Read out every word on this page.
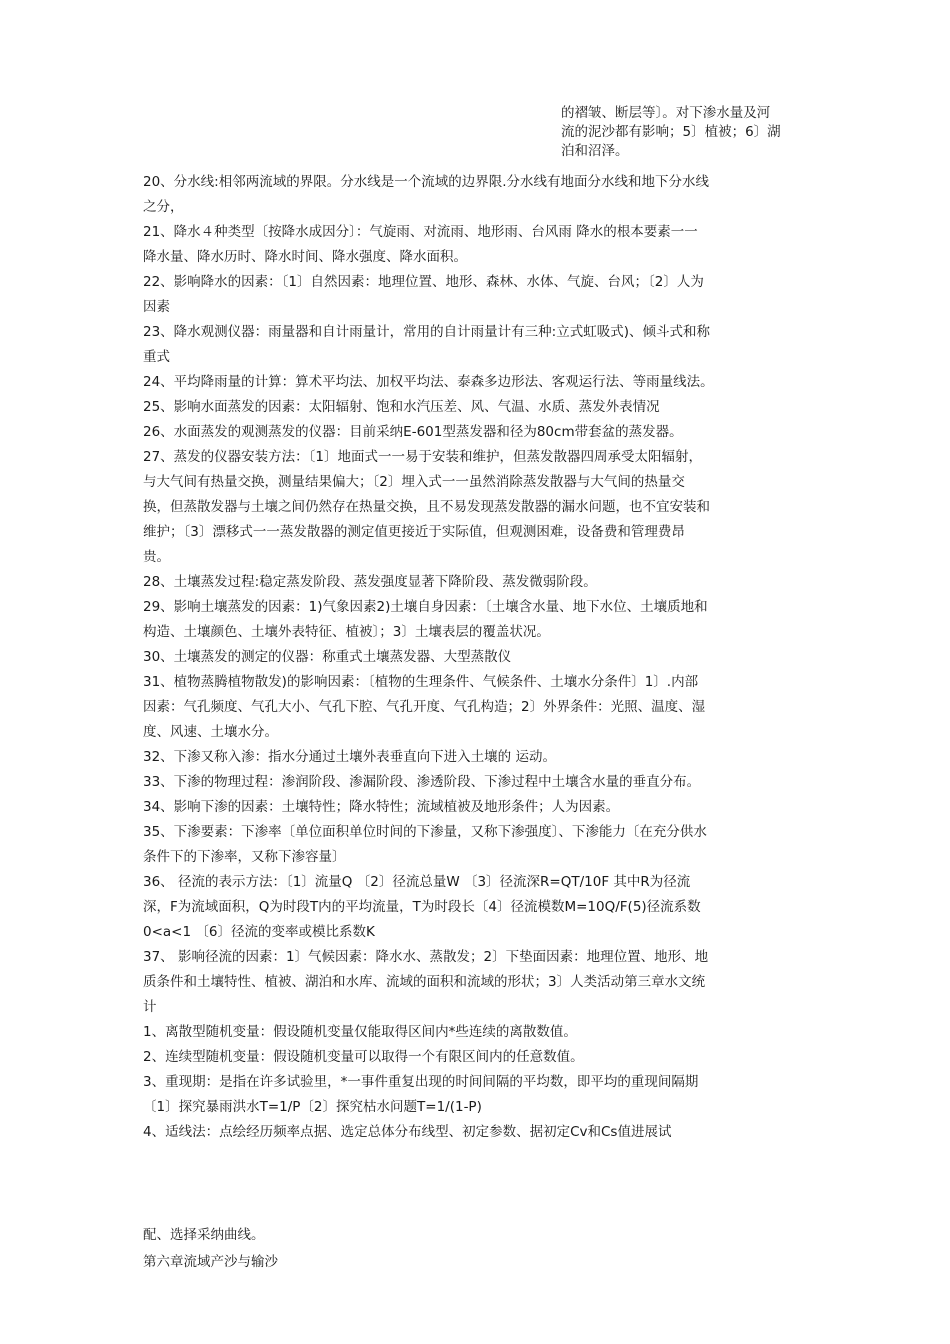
的褶皱、断层等〕。对下渗水量及河

流的泥沙都有影响；5〕植被；6〕湖

泊和沼泽。

20、分水线:相邻两流域的界限。分水线是一个流域的边界限.分水线有地面分水线和地下分水线

之分，

21、降水４种类型〔按降水成因分〕：气旋雨、对流雨、地形雨、台风雨 降水的根本要素一一

降水量、降水历时、降水时间、降水强度、降水面积。

22、影响降水的因素：〔1〕自然因素：地理位置、地形、森林、水体、气旋、台风；〔2〕人为

因素

23、降水观测仪器：雨量器和自计雨量计，常用的自计雨量计有三种:立式虹吸式)、倾斗式和称

重式

24、平均降雨量的计算：算术平均法、加权平均法、泰森多边形法、客观运行法、等雨量线法。

25、影响水面蒸发的因素：太阳辐射、饱和水汽压差、风、气温、水质、蒸发外表情况

26、水面蒸发的观测蒸发的仪器：目前采纳E-601型蒸发器和径为80cm带套盆的蒸发器。

27、蒸发的仪器安装方法：〔1〕地面式一一易于安装和维护，但蒸发散器四周承受太阳辐射，

与大气间有热量交换，测量结果偏大；〔2〕埋入式一一虽然消除蒸发散器与大气间的热量交

换，但蒸散发器与土壤之间仍然存在热量交换，且不易发现蒸发散器的漏水问题，也不宜安装和

维护；〔3〕漂移式一一蒸发散器的测定值更接近于实际值，但观测困难，设备费和管理费昂

贵。

28、土壤蒸发过程:稳定蒸发阶段、蒸发强度显著下降阶段、蒸发微弱阶段。

29、影响土壤蒸发的因素：1)气象因素2)土壤自身因素：〔土壤含水量、地下水位、土壤质地和

构造、土壤颜色、土壤外表特征、植被〕；3〕土壤表层的覆盖状况。

30、土壤蒸发的测定的仪器：称重式土壤蒸发器、大型蒸散仪

31、植物蒸腾植物散发)的影响因素：〔植物的生理条件、气候条件、土壤水分条件〕1〕.内部

因素：气孔频度、气孔大小、气孔下腔、气孔开度、气孔构造；2〕外界条件：光照、温度、湿

度、风速、土壤水分。

32、下渗又称入渗：指水分通过土壤外表垂直向下进入土壤的 运动。

33、下渗的物理过程：渗润阶段、渗漏阶段、渗透阶段、下渗过程中土壤含水量的垂直分布。

34、影响下渗的因素：土壤特性；降水特性；流域植被及地形条件；人为因素。

35、下渗要素：下渗率〔单位面积单位时间的下渗量，又称下渗强度〕、下渗能力〔在充分供水

条件下的下渗率，又称下渗容量〕

36、 径流的表示方法：〔1〕流量Q 〔2〕径流总量W 〔3〕径流深R=QT/10F 其中R为径流

深，F为流域面积，Q为时段T内的平均流量，T为时段长〔4〕径流模数M=10Q/F(5)径流系数

0<a<1 〔6〕径流的变率或模比系数K

37、 影响径流的因素：1〕气候因素：降水水、蒸散发；2〕下垫面因素：地理位置、地形、地

质条件和土壤特性、植被、湖泊和水库、流域的面积和流域的形状；3〕人类活动第三章水文统

计

1、离散型随机变量：假设随机变量仅能取得区间内*些连续的离散数值。

2、连续型随机变量：假设随机变量可以取得一个有限区间内的任意数值。

3、重现期：是指在许多试验里，*一事件重复出现的时间间隔的平均数，即平均的重现间隔期

〔1〕探究暴雨洪水T=1/P〔2〕探究枯水问题T=1/(1-P)

4、适线法：点绘经历频率点据、选定总体分布线型、初定参数、据初定Cv和Cs值进展试

配、选择采纳曲线。

第六章流域产沙与输沙
